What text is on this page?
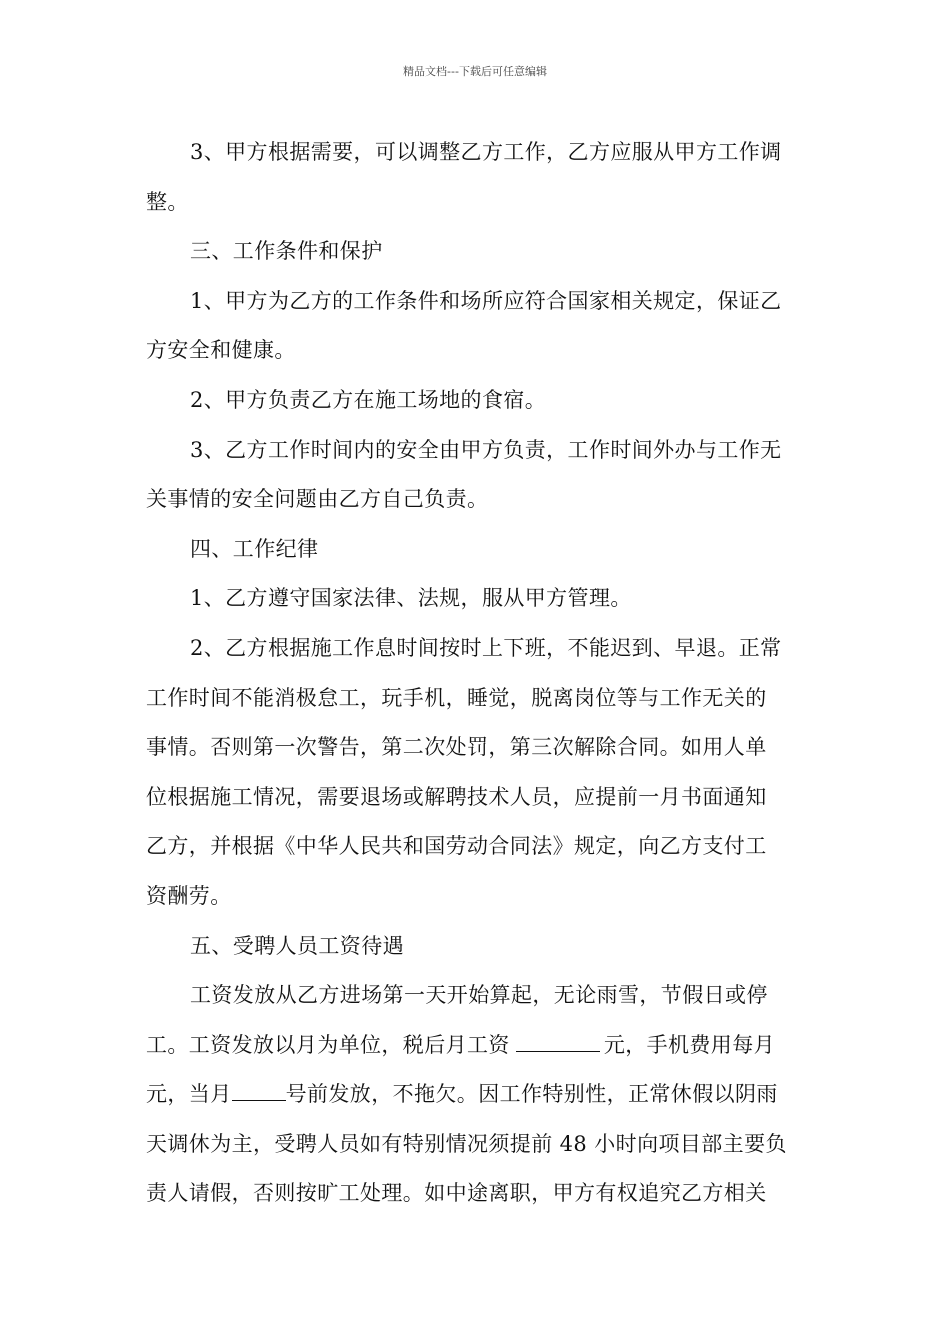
精品文档---下载后可任意编辑
3、甲方根据需要，可以调整乙方工作，乙方应服从甲方工作调
整。
三、工作条件和保护
1、甲方为乙方的工作条件和场所应符合国家相关规定，保证乙
方安全和健康。
2、甲方负责乙方在施工场地的食宿。
3、乙方工作时间内的安全由甲方负责，工作时间外办与工作无
关事情的安全问题由乙方自己负责。
四、工作纪律
1、乙方遵守国家法律、法规，服从甲方管理。
2、乙方根据施工作息时间按时上下班，不能迟到、早退。正常
工作时间不能消极怠工，玩手机，睡觉，脱离岗位等与工作无关的
事情。否则第一次警告，第二次处罚，第三次解除合同。如用人单
位根据施工情况，需要退场或解聘技术人员，应提前一月书面通知
乙方，并根据《中华人民共和国劳动合同法》规定，向乙方支付工
资酬劳。
五、受聘人员工资待遇
工资发放从乙方进场第一天开始算起，无论雨雪，节假日或停
工。工资发放以月为单位，税后月工资	元，手机费用每月
元，当月	号前发放，不拖欠。因工作特别性，正常休假以阴雨
天调休为主，受聘人员如有特别情况须提前 48 小时向项目部主要负
责人请假，否则按旷工处理。如中途离职，甲方有权追究乙方相关
